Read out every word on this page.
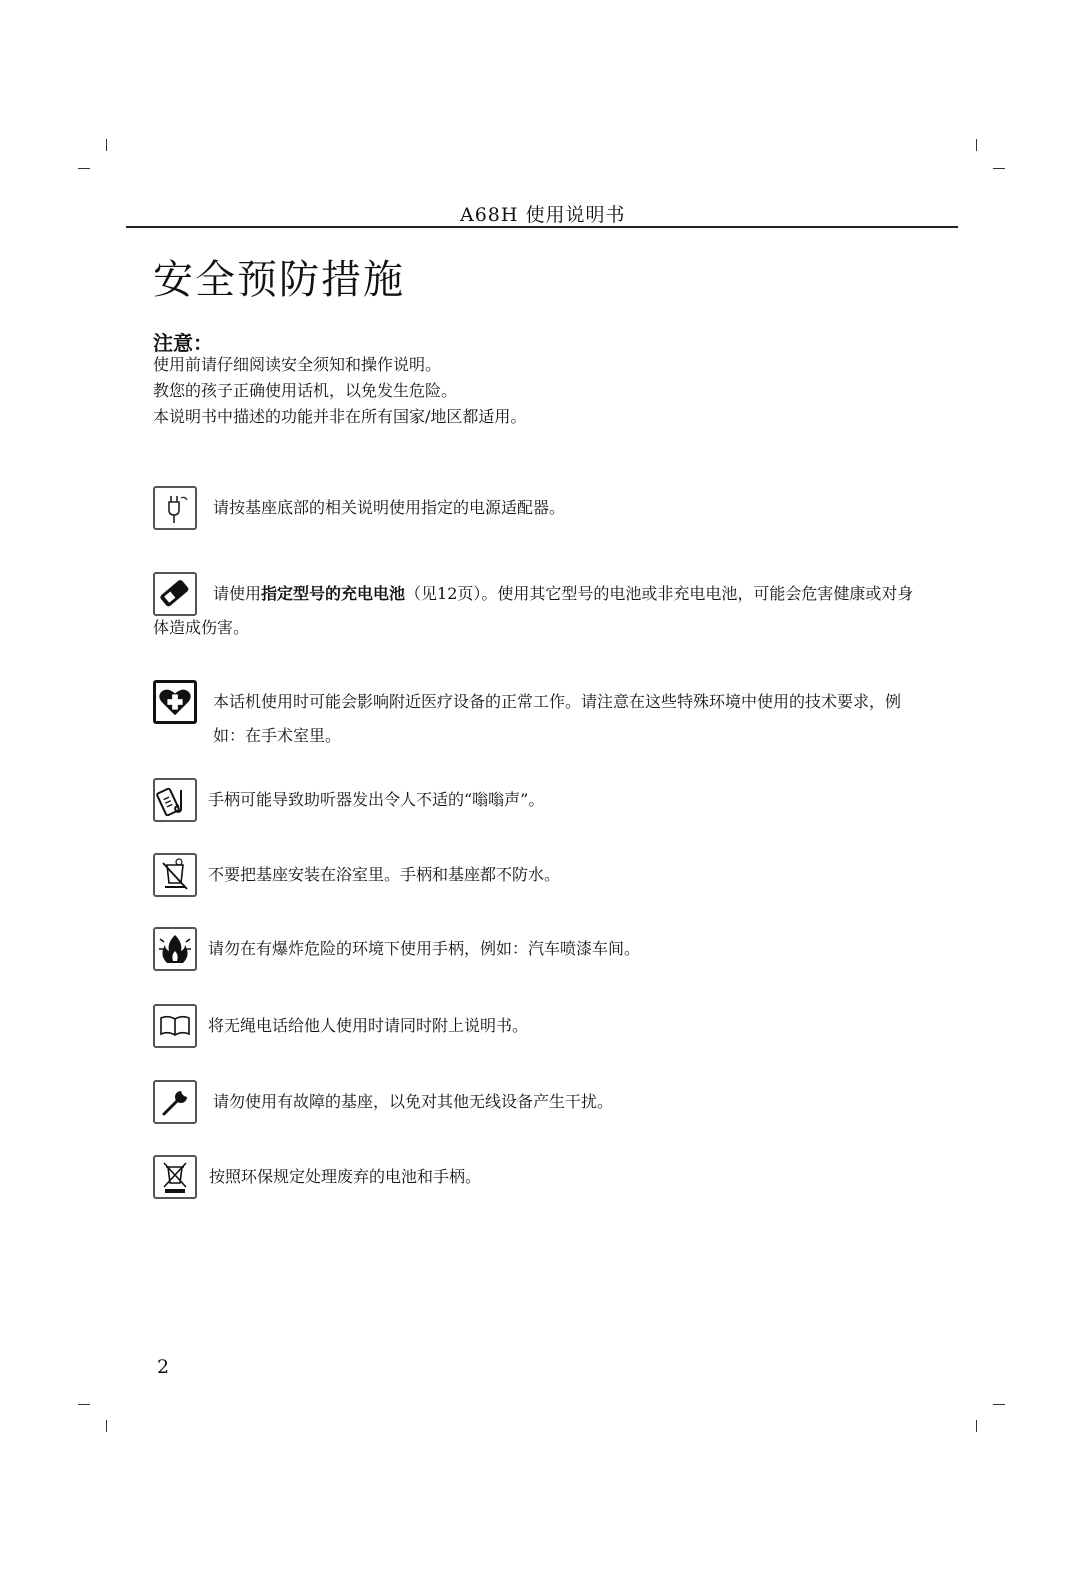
A68H 使用说明书
安全预防措施
注意：
使用前请仔细阅读安全须知和操作说明。
教您的孩子正确使用话机，以免发生危险。
本说明书中描述的功能并非在所有国家/地区都适用。
请按基座底部的相关说明使用指定的电源适配器。
请使用指定型号的充电电池（见12页）。使用其它型号的电池或非充电电池，可能会危害健康或对身
体造成伤害。
本话机使用时可能会影响附近医疗设备的正常工作。请注意在这些特殊环境中使用的技术要求，例
如：在手术室里。
手柄可能导致助听器发出令人不适的“嗡嗡声”。
不要把基座安装在浴室里。手柄和基座都不防水。
请勿在有爆炸危险的环境下使用手柄，例如：汽车喷漆车间。
将无绳电话给他人使用时请同时附上说明书。
请勿使用有故障的基座，以免对其他无线设备产生干扰。
按照环保规定处理废弃的电池和手柄。
2
